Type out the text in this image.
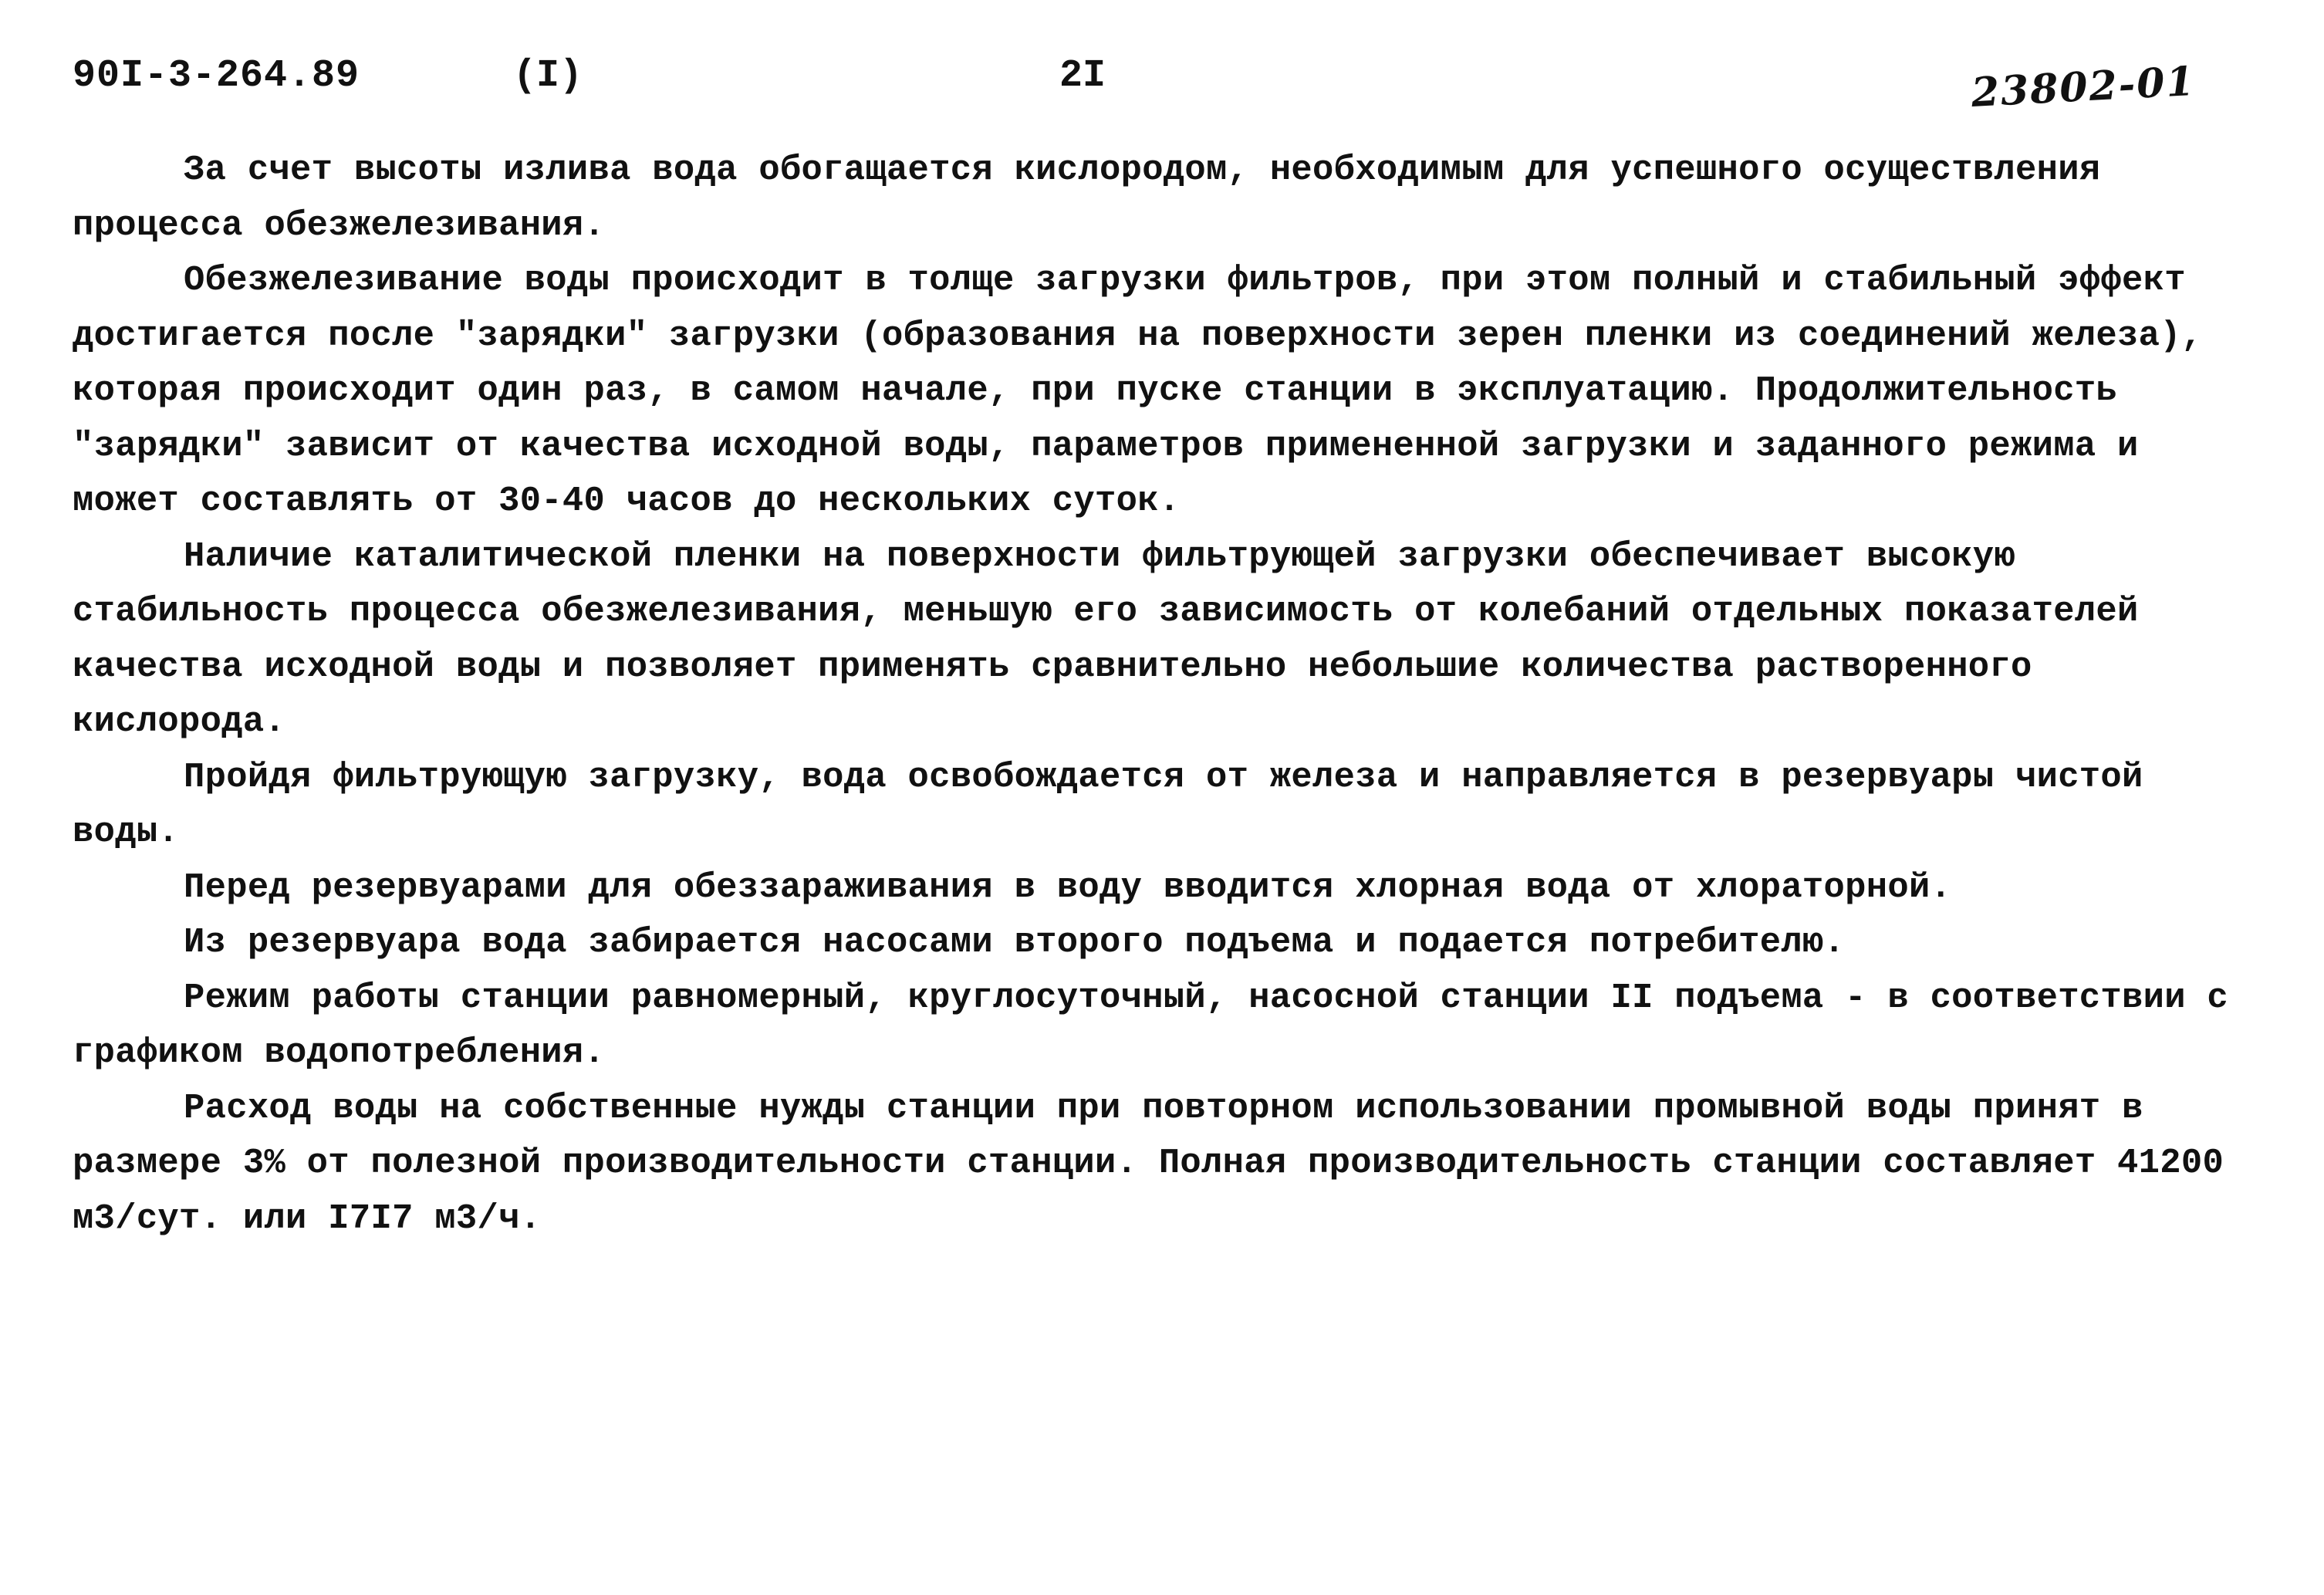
90I-3-264.89	(I)	2I	23802-01

За счет высоты излива вода обогащается кислородом, необходимым для успешного осуществления процесса обезжелезивания.

Обезжелезивание воды происходит в толще загрузки фильтров, при этом полный и стабильный эффект достигается после "зарядки" загрузки (образования на поверхности зерен пленки из соединений железа), которая происходит один раз, в самом начале, при пуске станции в эксплуатацию. Продолжительность "зарядки" зависит от качества исходной воды, параметров примененной загрузки и заданного режима и может составлять от 30-40 часов до нескольких суток.

Наличие каталитической пленки на поверхности фильтрующей загрузки обеспечивает высокую стабильность процесса обезжелезивания, меньшую его зависимость от колебаний отдельных показателей качества исходной воды и позволяет применять сравнительно небольшие количества растворенного кислорода.

Пройдя фильтрующую загрузку, вода освобождается от железа и направляется в резервуары чистой воды.

Перед резервуарами для обеззараживания в воду вводится хлорная вода от хлораторной.

Из резервуара вода забирается насосами второго подъема и подается потребителю.

Режим работы станции равномерный, круглосуточный, насосной станции II подъема - в соответствии с графиком водопотребления.

Расход воды на собственные нужды станции при повторном использовании промывной воды принят в размере 3% от полезной производительности станции. Полная производительность станции составляет 41200 м3/сут. или I7I7 м3/ч.
